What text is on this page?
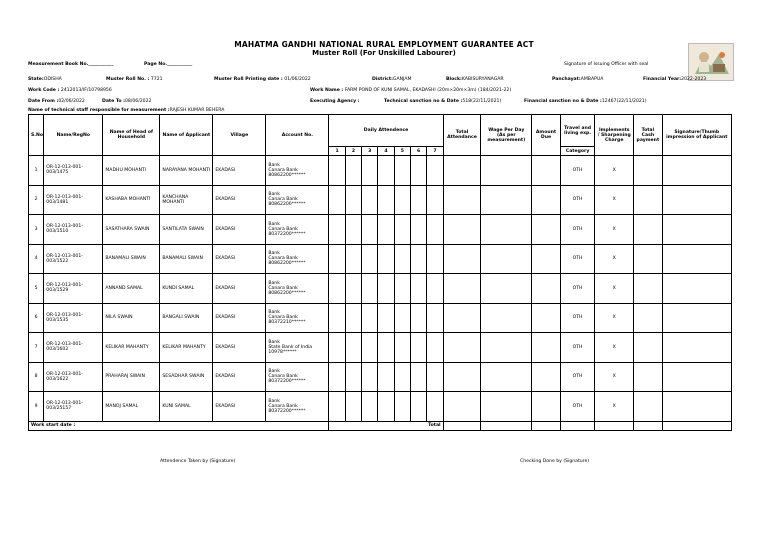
MAHATMA GANDHI NATIONAL RURAL EMPLOYMENT GUARANTEE ACT
Muster Roll (For Unskilled Labourer)
Measurement Book No.___________	Page No.___________	Signature of Issuing Officer with seal
State:ODISHA	Muster Roll No. : 7721	Muster Roll Printing date : 01/06/2022	District:GANJAM	Block:KABISURYANAGAR	Panchayat:AMBAPUA	Financial Year:2022-2023
Work Code : 2412013/IF/10798956	Work Name : FARM POND OF KUNI SAMAL, EKADASHI (20m×20m×3m) (184/2021-22)
Date From :02/06/2022	Date To :08/06/2022	Executing Agency :	Technical sanction no & Date :518(22/11/2021)	Financial sanction no & Date :12467(22/11/2021)
Name of technical staff responsible for measurement :RAJESH KUMAR BEHERA
S.No	Name/RegNo	Name of Head of Household	Name of Applicant	Village	Account No.	Daily Attendence							Total Attendance	Wage Per Day (As per measurement)	Amount Due	Travel and living exp.	Implements / Sharpening Charge	Total Cash payment	Signature/Thumb impression of Applicant
						1	2	3	4	5	6	7				Category			
1	OR-12-013-001-003/1475	MADHU MOHANTI	NARAYANA MOHANTI	EKADASI	Bank
Canara Bank
80862200******											OTH	X		
2	OR-12-013-001-003/1481	KASHABA MOHANTI	KANCHANA MOHANTI	EKADASI	Bank
Canara Bank
80862200******											OTH	X		
3	OR-12-013-001-003/1510	SASATHARA SWAIN	SANTILATA SWAIN	EKADASI	Bank
Canara Bank
80372200******											OTH	X		
4	OR-12-013-001-003/1522	BANAMALI SWAIN	BANAMALI SWAIN	EKADASI	Bank
Canara Bank
80862200******											OTH	X		
5	OR-12-013-001-003/1529	ANNAND SAMAL	KUNDI SAMAL	EKADASI	Bank
Canara Bank
80862200******											OTH	X		
6	OR-12-013-001-003/1535	NILA SWAIN	BANGALI SWAIN	EKADASI	Bank
Canara Bank
80372210******											OTH	X		
7	OR-12-013-001-003/1602	KELIKAR MAHANTY	KELIKAR MAHANTY	EKADASI	Bank
State Bank of India
10978******											OTH	X		
8	OR-12-013-001-003/1622	PRAHARAJ SWAIN	SESADHAR SWAIN	EKADASI	Bank
Canara Bank
80372200******											OTH	X		
9	OR-12-013-001-003/25157	MANOJ SAMAL	KUNI SAMAL	EKADASI	Bank
Canara Bank
80372200******											OTH	X		
Work start date :						Total													
Attendence Taken by (Signature)	Checking Done by (Signature)
